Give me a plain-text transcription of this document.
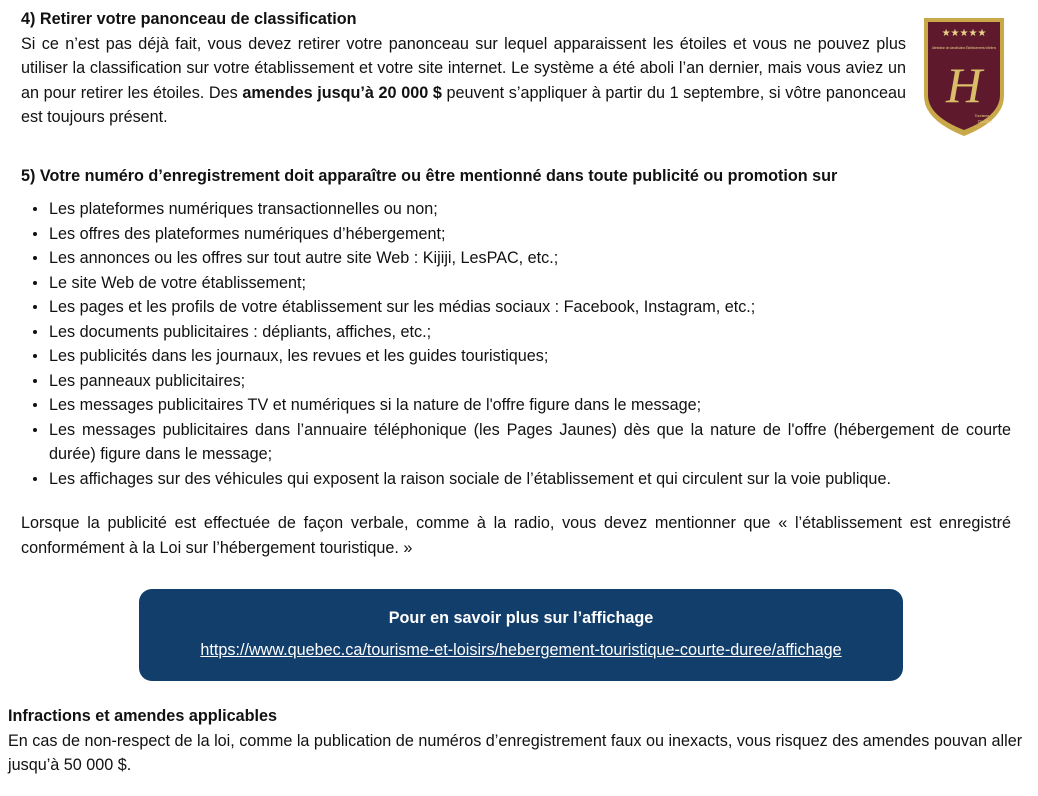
4) Retirer votre panonceau de classification

Si ce n’est pas déjà fait, vous devez retirer votre panonceau sur lequel apparaissent les étoiles et vous ne pouvez plus utiliser la classification sur votre établissement et votre site internet. Le système a été aboli l’an dernier, mais vous aviez un an pour retirer les étoiles. Des amendes jusqu’à 20 000 $ peuvent s’appliquer à partir du 1 septembre, si vôtre panonceau est toujours présent.

★★★★★
Attestation de classification Établissements hôteliers
H
Tourisme
Québec
5) Votre numéro d’enregistrement doit apparaître ou être mentionné dans toute publicité ou promotion sur
Les plateformes numériques transactionnelles ou non;
Les offres des plateformes numériques d’hébergement;
Les annonces ou les offres sur tout autre site Web : Kijiji, LesPAC, etc.;
Le site Web de votre établissement;
Les pages et les profils de votre établissement sur les médias sociaux : Facebook, Instagram, etc.;
Les documents publicitaires : dépliants, affiches, etc.;
Les publicités dans les journaux, les revues et les guides touristiques;
Les panneaux publicitaires;
Les messages publicitaires TV et numériques si la nature de l'offre figure dans le message;
Les messages publicitaires dans l’annuaire téléphonique (les Pages Jaunes) dès que la nature de l'offre (hébergement de courte durée) figure dans le message;
Les affichages sur des véhicules qui exposent la raison sociale de l’établissement et qui circulent sur la voie publique.

Lorsque la publicité est effectuée de façon verbale, comme à la radio, vous devez mentionner que « l’établissement est enregistré conformément à la Loi sur l’hébergement touristique. »

Pour en savoir plus sur l’affichage
https://www.quebec.ca/tourisme-et-loisirs/hebergement-touristique-courte-duree/affichage
Infractions et amendes applicables

En cas de non-respect de la loi, comme la publication de numéros d’enregistrement faux ou inexacts, vous risquez des amendes pouvan aller jusqu’à 50 000 $.
